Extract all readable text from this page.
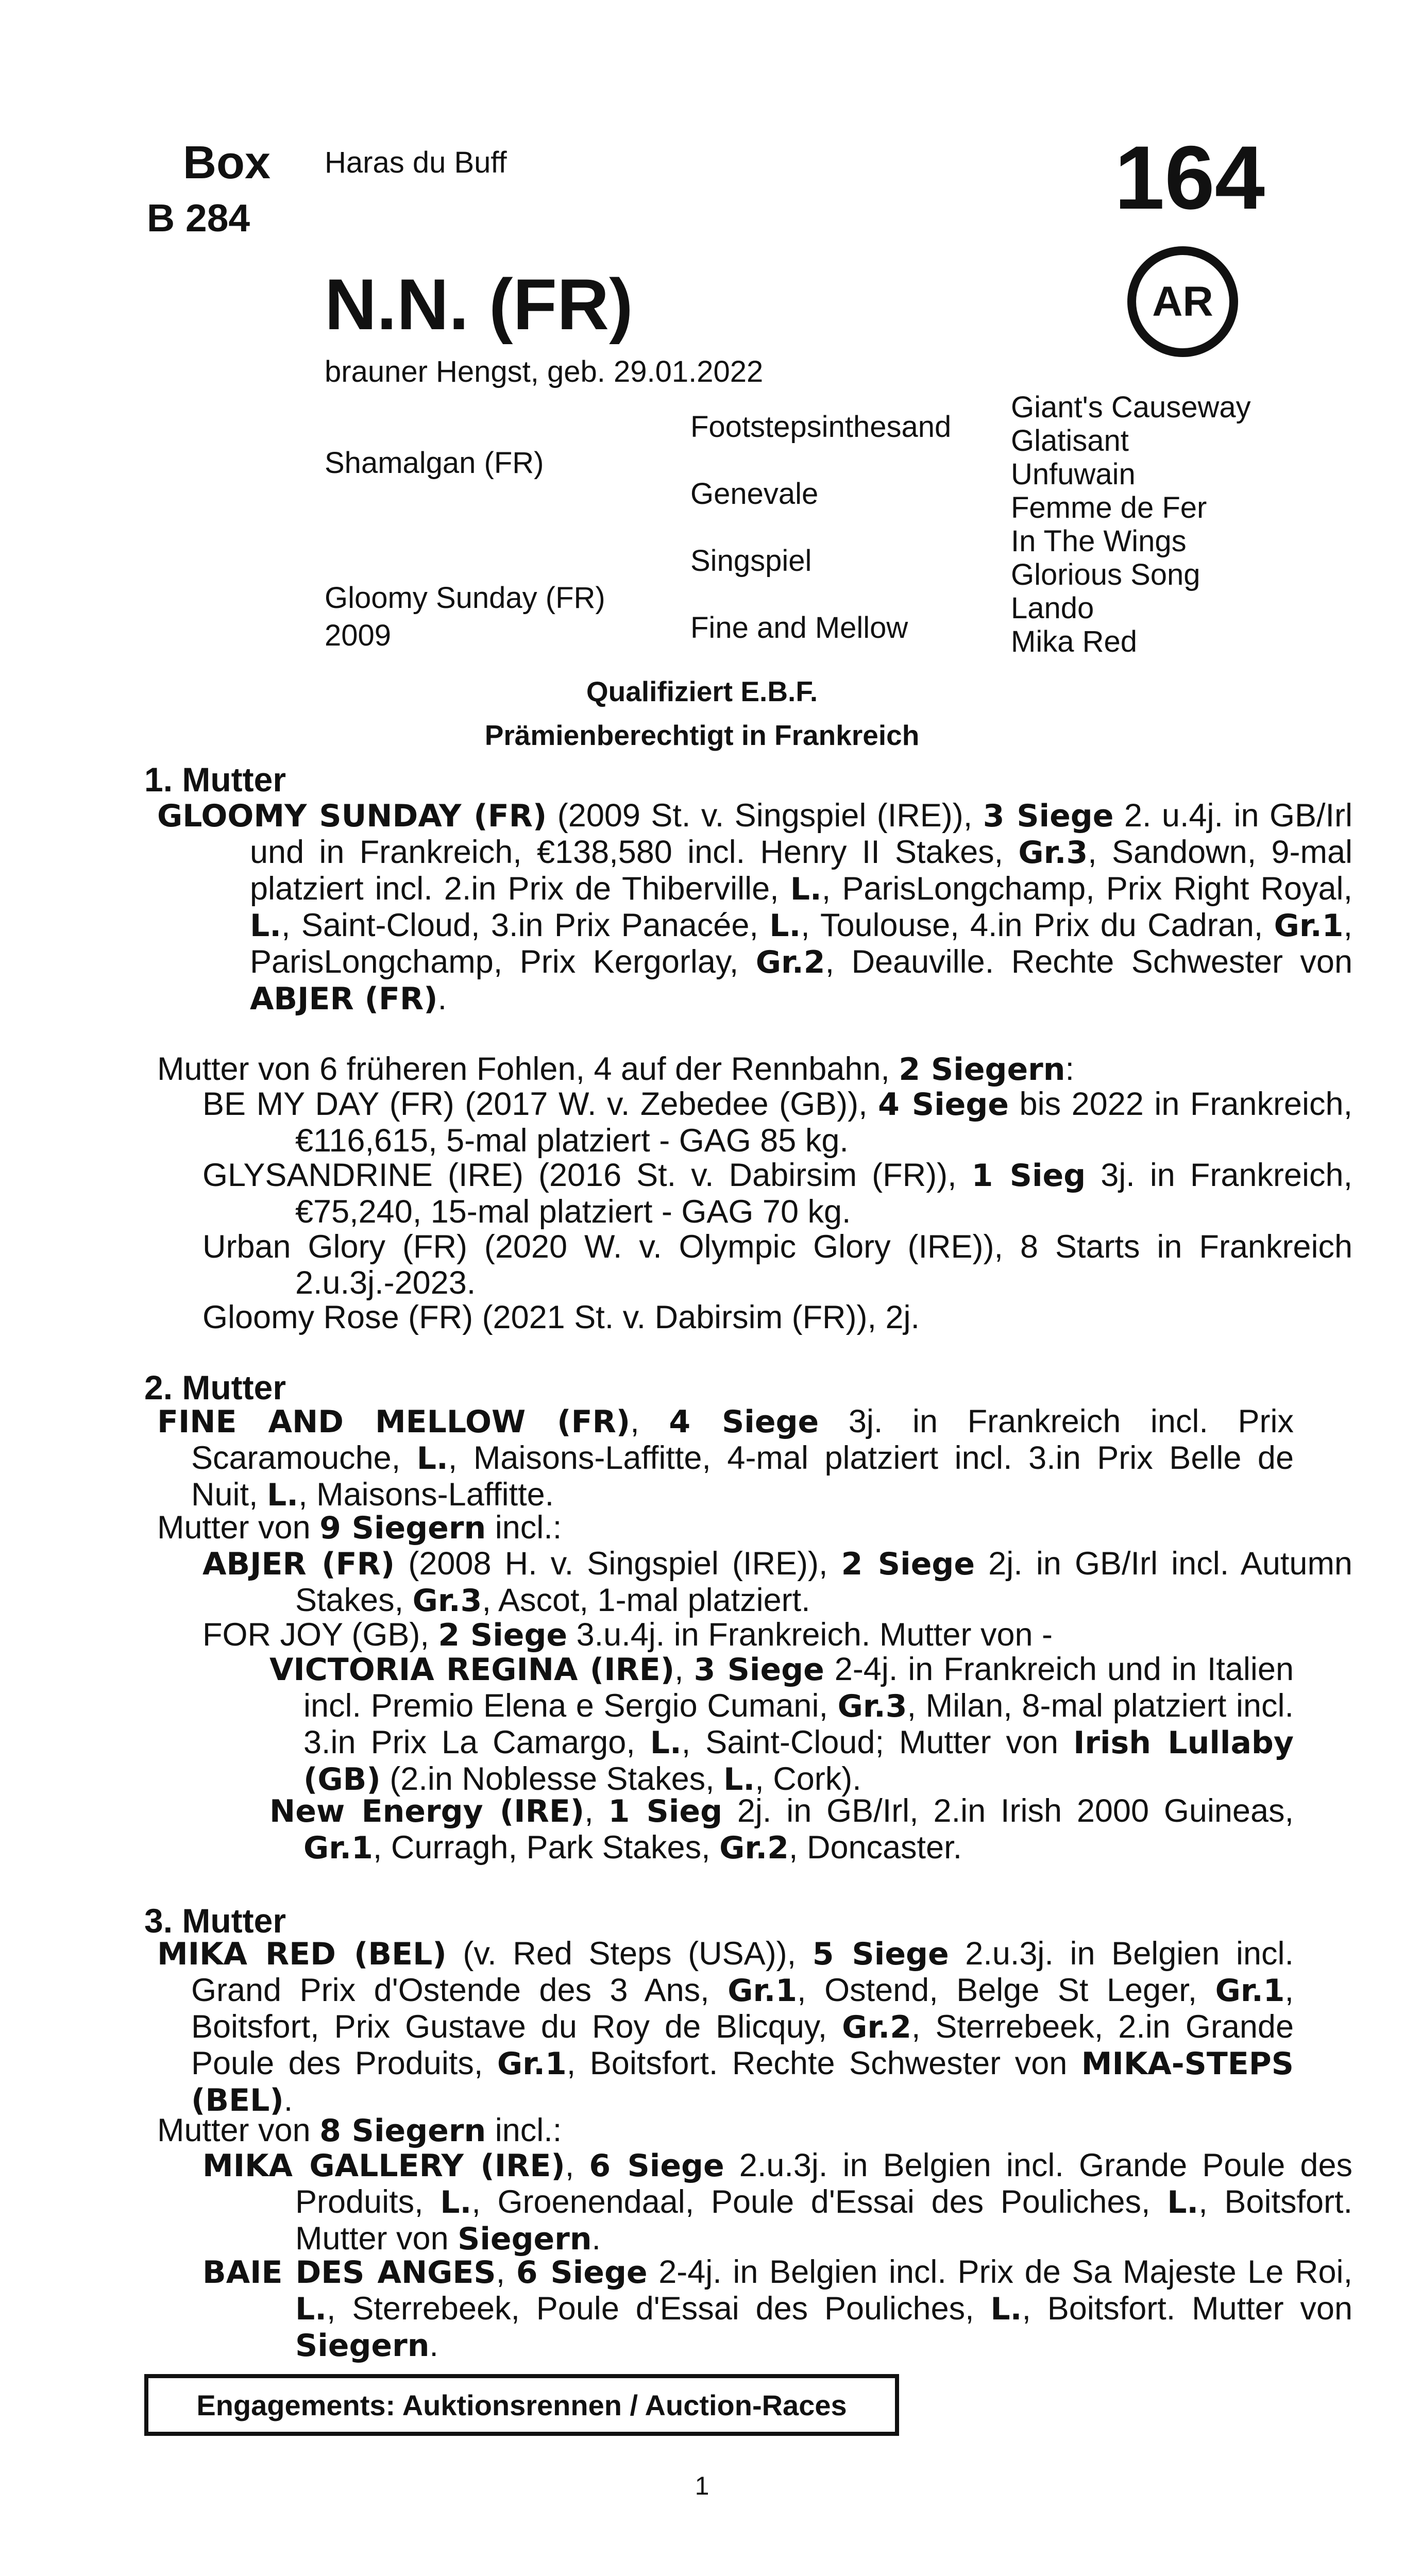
Box
B 284
Haras du Buff	164
AR
N.N. (FR)
brauner Hengst, geb. 29.01.2022
Shamalgan (FR)
Gloomy Sunday (FR)
2009
Footstepsinthesand
Genevale
Singspiel
Fine and Mellow
Giant's Causeway
Glatisant
Unfuwain
Femme de Fer
In The Wings
Glorious Song
Lando
Mika Red
Qualifiziert E.B.F.
Prämienberechtigt in Frankreich
1. Mutter
GLOOMY SUNDAY (FR) (2009 St. v. Singspiel (IRE)), 3 Siege 2. u.4j. in GB/Irl und in Frankreich, €138,580 incl. Henry II Stakes, Gr.3, Sandown, 9-mal platziert incl. 2.in Prix de Thiberville, L., ParisLongchamp, Prix Right Royal, L., Saint-Cloud, 3.in Prix Panacée, L., Toulouse, 4.in Prix du Cadran, Gr.1, ParisLongchamp, Prix Kergorlay, Gr.2, Deauville. Rechte Schwester von ABJER (FR).
Mutter von 6 früheren Fohlen, 4 auf der Rennbahn, 2 Siegern:
BE MY DAY (FR) (2017 W. v. Zebedee (GB)), 4 Siege bis 2022 in Frankreich, €116,615, 5-mal platziert - GAG 85 kg.
GLYSANDRINE (IRE) (2016 St. v. Dabirsim (FR)), 1 Sieg 3j. in Frankreich, €75,240, 15-mal platziert - GAG 70 kg.
Urban Glory (FR) (2020 W. v. Olympic Glory (IRE)), 8 Starts in Frankreich 2.u.3j.-2023.
Gloomy Rose (FR) (2021 St. v. Dabirsim (FR)), 2j.
2. Mutter
FINE AND MELLOW (FR), 4 Siege 3j. in Frankreich incl. Prix Scaramouche, L., Maisons-Laffitte, 4-mal platziert incl. 3.in Prix Belle de Nuit, L., Maisons-Laffitte.
Mutter von 9 Siegern incl.:
ABJER (FR) (2008 H. v. Singspiel (IRE)), 2 Siege 2j. in GB/Irl incl. Autumn Stakes, Gr.3, Ascot, 1-mal platziert.
FOR JOY (GB), 2 Siege 3.u.4j. in Frankreich. Mutter von -
VICTORIA REGINA (IRE), 3 Siege 2-4j. in Frankreich und in Italien incl. Premio Elena e Sergio Cumani, Gr.3, Milan, 8-mal platziert incl. 3.in Prix La Camargo, L., Saint-Cloud; Mutter von Irish Lullaby (GB) (2.in Noblesse Stakes, L., Cork).
New Energy (IRE), 1 Sieg 2j. in GB/Irl, 2.in Irish 2000 Guineas, Gr.1, Curragh, Park Stakes, Gr.2, Doncaster.
3. Mutter
MIKA RED (BEL) (v. Red Steps (USA)), 5 Siege 2.u.3j. in Belgien incl. Grand Prix d'Ostende des 3 Ans, Gr.1, Ostend, Belge St Leger, Gr.1, Boitsfort, Prix Gustave du Roy de Blicquy, Gr.2, Sterrebeek, 2.in Grande Poule des Produits, Gr.1, Boitsfort. Rechte Schwester von MIKA-STEPS (BEL).
Mutter von 8 Siegern incl.:
MIKA GALLERY (IRE), 6 Siege 2.u.3j. in Belgien incl. Grande Poule des Produits, L., Groenendaal, Poule d'Essai des Pouliches, L., Boitsfort. Mutter von Siegern.
BAIE DES ANGES, 6 Siege 2-4j. in Belgien incl. Prix de Sa Majeste Le Roi, L., Sterrebeek, Poule d'Essai des Pouliches, L., Boitsfort. Mutter von Siegern.
Engagements: Auktionsrennen / Auction-Races
1
